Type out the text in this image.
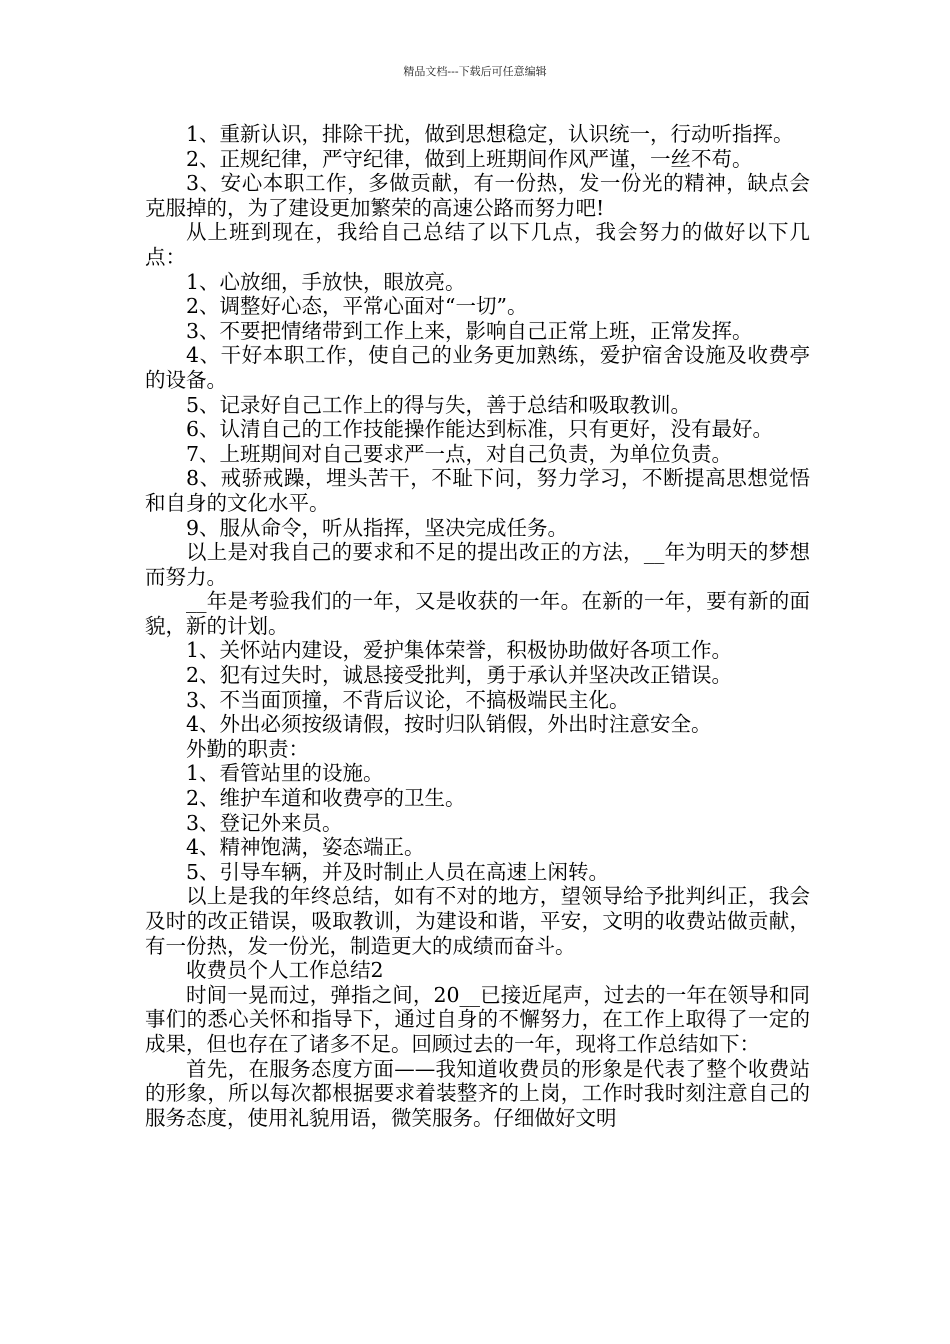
精品文档---下载后可任意编辑

1、重新认识，排除干扰，做到思想稳定，认识统一，行动听指挥。

2、正规纪律，严守纪律，做到上班期间作风严谨，一丝不苟。

3、安心本职工作，多做贡献，有一份热，发一份光的精神，缺点会克服掉的，为了建设更加繁荣的高速公路而努力吧!

从上班到现在，我给自己总结了以下几点，我会努力的做好以下几点：

1、心放细，手放快，眼放亮。

2、调整好心态，平常心面对“一切”。

3、不要把情绪带到工作上来，影响自己正常上班，正常发挥。

4、干好本职工作，使自己的业务更加熟练，爱护宿舍设施及收费亭的设备。

5、记录好自己工作上的得与失，善于总结和吸取教训。

6、认清自己的工作技能操作能达到标准，只有更好，没有最好。

7、上班期间对自己要求严一点，对自己负责，为单位负责。

8、戒骄戒躁，埋头苦干，不耻下问，努力学习，不断提高思想觉悟和自身的文化水平。

9、服从命令，听从指挥，坚决完成任务。

以上是对我自己的要求和不足的提出改正的方法，__年为明天的梦想而努力。

__年是考验我们的一年，又是收获的一年。在新的一年，要有新的面貌，新的计划。

1、关怀站内建设，爱护集体荣誉，积极协助做好各项工作。

2、犯有过失时，诚恳接受批判，勇于承认并坚决改正错误。

3、不当面顶撞，不背后议论，不搞极端民主化。

4、外出必须按级请假，按时归队销假，外出时注意安全。

外勤的职责：

1、看管站里的设施。

2、维护车道和收费亭的卫生。

3、登记外来员。

4、精神饱满，姿态端正。

5、引导车辆，并及时制止人员在高速上闲转。

以上是我的年终总结，如有不对的地方，望领导给予批判纠正，我会及时的改正错误，吸取教训，为建设和谐，平安，文明的收费站做贡献，有一份热，发一份光，制造更大的成绩而奋斗。

收费员个人工作总结2

时间一晃而过，弹指之间，20__已接近尾声，过去的一年在领导和同事们的悉心关怀和指导下，通过自身的不懈努力，在工作上取得了一定的成果，但也存在了诸多不足。回顾过去的一年，现将工作总结如下：

首先，在服务态度方面——我知道收费员的形象是代表了整个收费站的形象，所以每次都根据要求着装整齐的上岗，工作时我时刻注意自己的服务态度，使用礼貌用语，微笑服务。仔细做好文明
